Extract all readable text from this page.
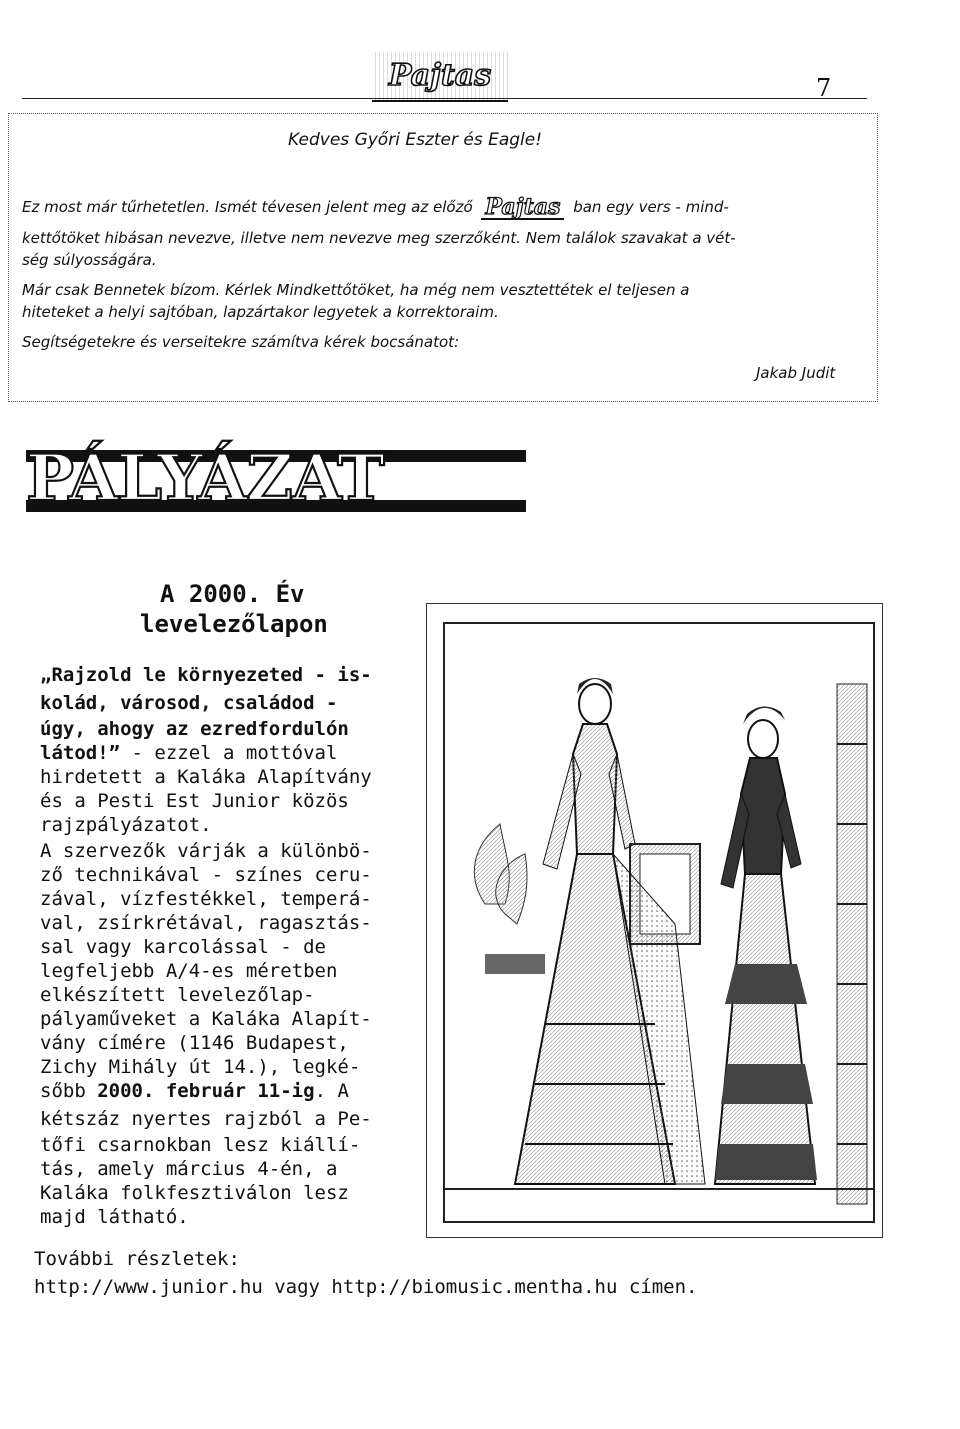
Pajtas	7
Kedves Győri Eszter és Eagle!
Ez most már tűrhetetlen. Ismét tévesen jelent meg az előző Pajtas ban egy vers - mind-
kettőtöket hibásan nevezve, illetve nem nevezve meg szerzőként. Nem találok szavakat a vét-
ség súlyosságára.
Már csak Bennetek bízom. Kérlek Mindkettőtöket, ha még nem vesztettétek el teljesen a
hiteteket a helyi sajtóban, lapzártakor legyetek a korrektoraim.
Segítségetekre és verseitekre számítva kérek bocsánatot:
Jakab Judit
PÁLYÁZAT
A 2000. Év
levelezőlapon
„Rajzold le környezeted - is-
kolád, városod, családod -
úgy, ahogy az ezredfordulón
látod!” - ezzel a mottóval
hirdetett a Kaláka Alapítvány
és a Pesti Est Junior közös
rajzpályázatot.
A szervezők várják a különbö-
ző technikával - színes ceru-
zával, vízfestékkel, temperá-
val, zsírkrétával, ragasztás-
sal vagy karcolással - de
legfeljebb A/4-es méretben
elkészített levelezőlap-
pályaműveket a Kaláka Alapít-
vány címére (1146 Budapest,
Zichy Mihály út 14.), legké-
sőbb 2000. február 11-ig. A
kétszáz nyertes rajzból a Pe-
tőfi csarnokban lesz kiállí-
tás, amely március 4-én, a
Kaláka folkfesztiválon lesz
majd látható.
További részletek:
http://www.junior.hu vagy http://biomusic.mentha.hu címen.
